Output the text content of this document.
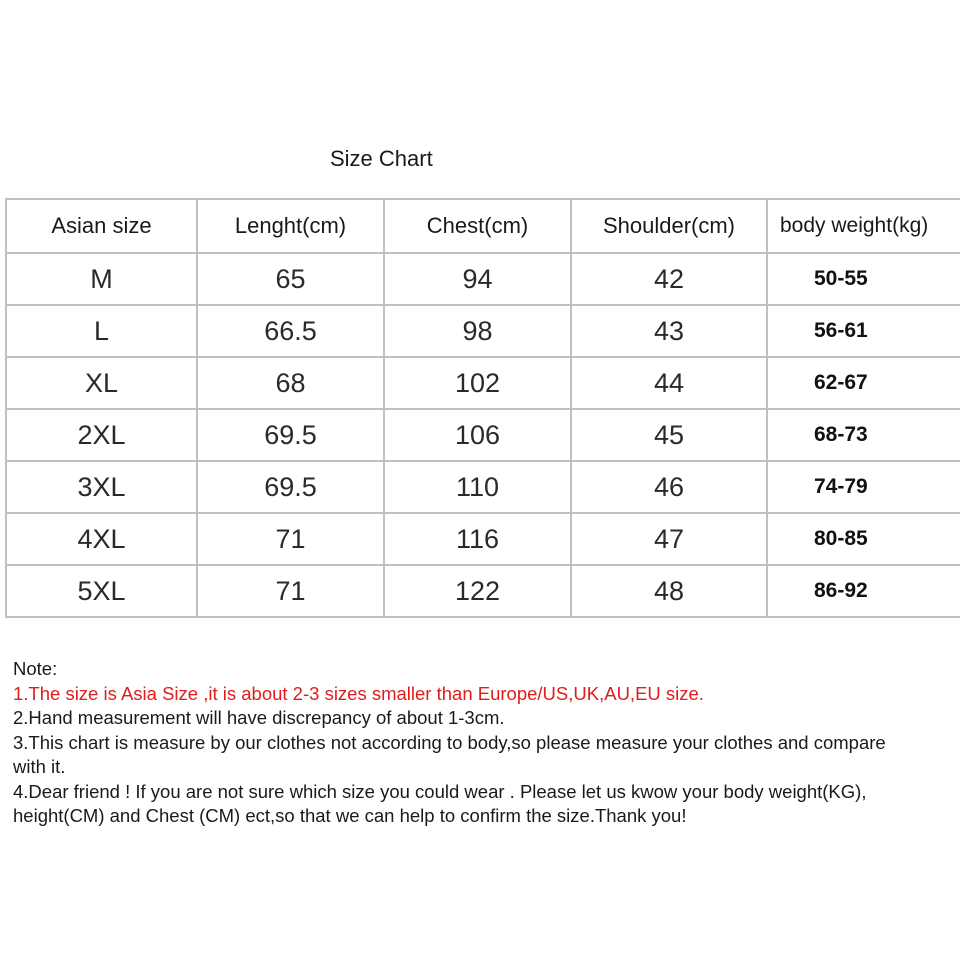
Size Chart
Asian size	Lenght(cm)	Chest(cm)	Shoulder(cm)	body weight(kg)
M	65	94	42	50-55
L	66.5	98	43	56-61
XL	68	102	44	62-67
2XL	69.5	106	45	68-73
3XL	69.5	110	46	74-79
4XL	71	116	47	80-85
5XL	71	122	48	86-92

Note:

1.The size is Asia Size ,it is about 2-3 sizes smaller than Europe/US,UK,AU,EU size.

2.Hand measurement will have discrepancy of about 1-3cm.

3.This chart is measure by our clothes not according to body,so please measure your clothes and compare with it.

4.Dear friend ! If you are not sure which size you could wear . Please let us kwow your body weight(KG), height(CM) and Chest (CM) ect,so that we can help to confirm the size.Thank you!
